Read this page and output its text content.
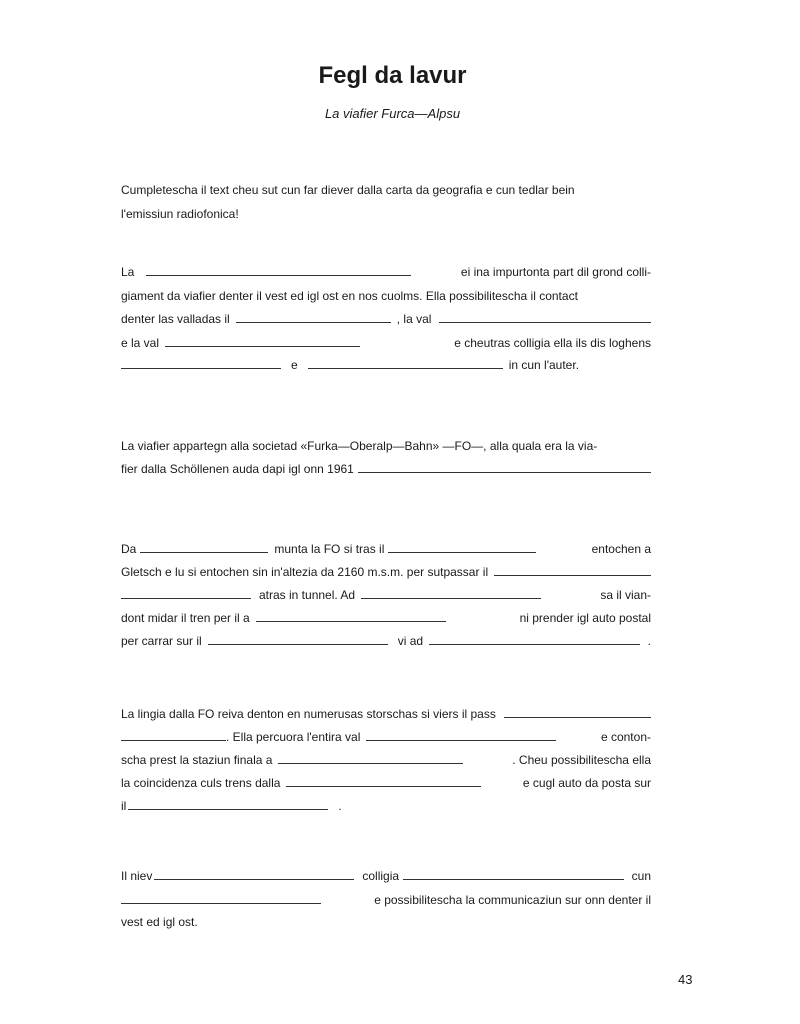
Fegl da lavur
La viafier Furca—Alpsu
Cumpletescha il text cheu sut cun far diever dalla carta da geografia e cun tedlar bein
l'emissiun radiofonica!
La	ei ina impurtonta part dil grond colli-
giament da viafier denter il vest ed igl ost en nos cuolms. Ella possibilitescha il contact
denter las valladas il	, la val
e la val	e cheutras colligia ella ils dis loghens
e	in cun l'auter.
La viafier appartegn alla societad «Furka—Oberalp—Bahn» —FO—, alla quala era la via-
fier dalla Schöllenen auda dapi igl onn 1961
Da	munta la FO si tras il	entochen a
Gletsch e lu si entochen sin in'altezia da 2160 m.s.m. per sutpassar il
atras in tunnel. Ad	sa il vian-
dont midar il tren per il a	ni prender igl auto postal
per carrar sur il	vi ad	.
La lingia dalla FO reiva denton en numerusas storschas si viers il pass
. Ella percuora l'entira val	e conton-
scha prest la staziun finala a	. Cheu possibilitescha ella
la coincidenza culs trens dalla	e cugl auto da posta sur
il	.
Il niev	colligia	cun
e possibilitescha la communicaziun sur onn denter il
vest ed igl ost.
43
